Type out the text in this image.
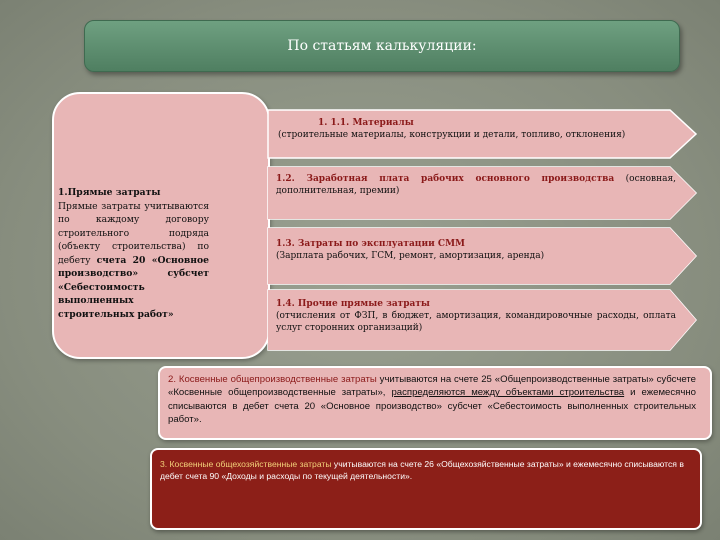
По статьям калькуляции:
1.Прямые затраты
Прямые затраты учитываются по каждому договору строительного подряда (объекту строительства) по дебету счета 20 «Основное производство» субсчет «Себестоимость выполненных строительных работ»
1. 1.1. Материалы
(строительные материалы, конструкции и детали, топливо, отклонения)
1.2. Заработная плата рабочих основного производства (основная, дополнительная, премии)
1.3. Затраты по эксплуатации СММ
(Зарплата рабочих, ГСМ, ремонт, амортизация, аренда)
1.4. Прочие прямые затраты
(отчисления от ФЗП, в бюджет, амортизация, командировочные расходы, оплата услуг сторонних организаций)
2. Косвенные общепроизводственные затраты учитываются на счете 25 «Общепроизводственные затраты» субсчете «Косвенные общепроизводственные затраты», распределяются между объектами строительства и ежемесячно списываются в дебет счета 20 «Основное производство» субсчет «Себестоимость выполненных строительных работ».
3. Косвенные общехозяйственные затраты учитываются на счете 26 «Общехозяйственные затраты» и ежемесячно списываются в дебет счета 90 «Доходы и расходы по текущей деятельности».
